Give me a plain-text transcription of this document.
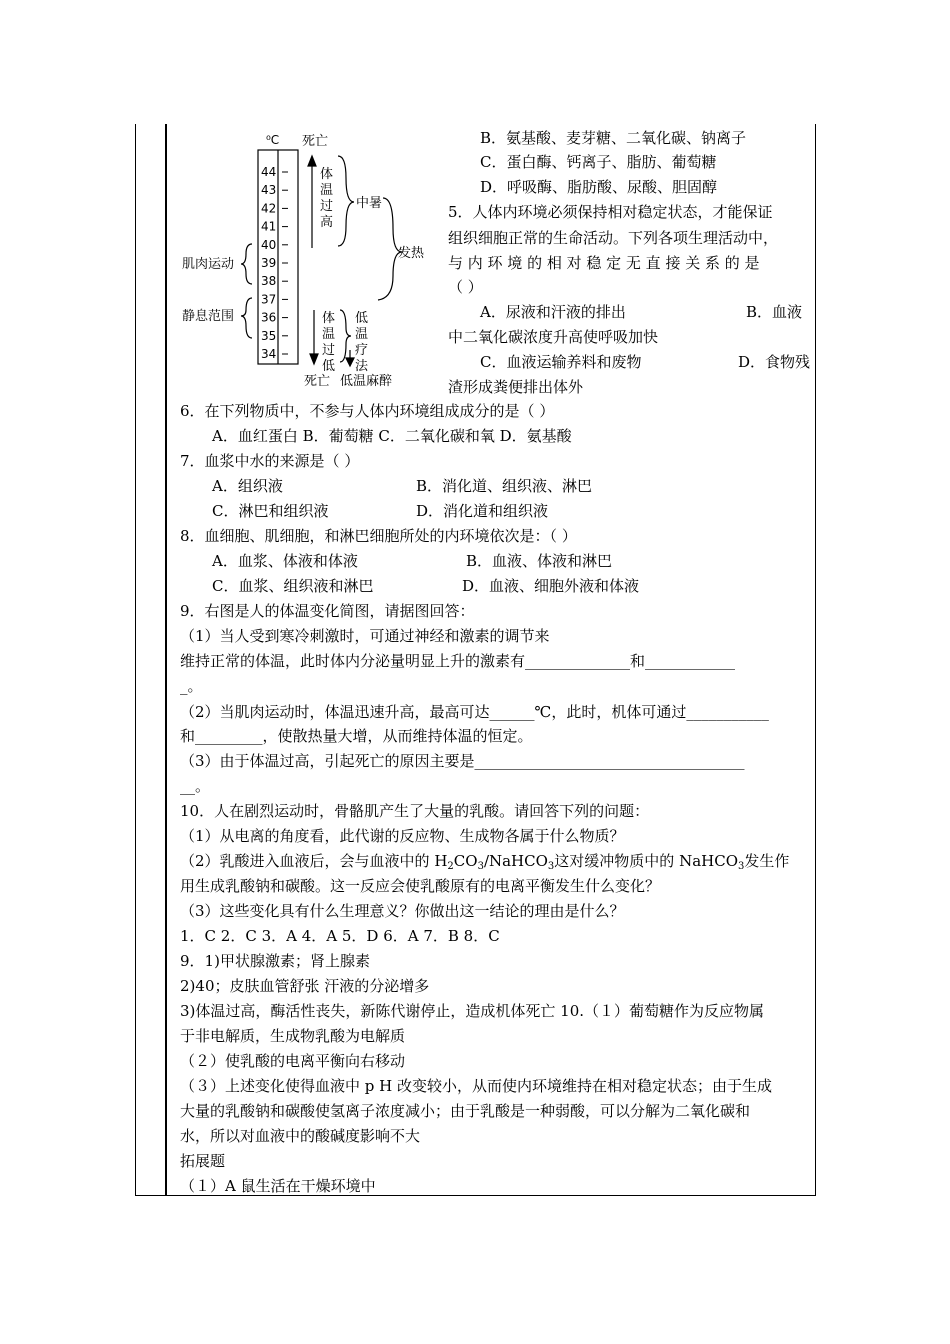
44
43
42
41
40
39
38
37
36
35
34
⁰C 死亡
体
温
过
高
中暑
发热
肌肉运动
静息范围	体
温
过
低
低
温
疗
法
死亡 低温麻醉
B．氨基酸、麦芽糖、二氧化碳、钠离子
C．蛋白酶、钙离子、脂肪、葡萄糖
D．呼吸酶、脂肪酸、尿酸、胆固醇
5．人体内环境必须保持相对稳定状态，才能保证
组织细胞正常的生命活动。下列各项生理活动中，
与 内 环 境 的 相 对 稳 定 无 直 接 关 系 的 是
（ ）
A．尿液和汗液的排出	B．血液
中二氧化碳浓度升高使呼吸加快
C．血液运输养料和废物	D．食物残
渣形成粪便排出体外
6．在下列物质中，不参与人体内环境组成成分的是（ ）
A．血红蛋白 B．葡萄糖 C．二氧化碳和氧 D．氨基酸
7．血浆中水的来源是（ ）
A．组织液	B．消化道、组织液、淋巴
C．淋巴和组织液	D．消化道和组织液
8．血细胞、肌细胞，和淋巴细胞所处的内环境依次是：（ ）
A．血浆、体液和体液	B．血液、体液和淋巴
C．血浆、组织液和淋巴	D．血液、细胞外液和体液
9．右图是人的体温变化简图，请据图回答：
（1）当人受到寒冷刺激时，可通过神经和激素的调节来
维持正常的体温，此时体内分泌量明显上升的激素有______________和____________
_。
（2）当肌肉运动时，体温迅速升高，最高可达______℃，此时，机体可通过___________
和_________，使散热量大增，从而维持体温的恒定。
（3）由于体温过高，引起死亡的原因主要是____________________________________
__。
10．人在剧烈运动时，骨骼肌产生了大量的乳酸。请回答下列的问题：
（1）从电离的角度看，此代谢的反应物、生成物各属于什么物质？
（2）乳酸进入血液后，会与血液中的 $H_2CO_3/NaHCO_3$这对缓冲物质中的 NaHCO$_3$发生作
用生成乳酸钠和碳酸。这一反应会使乳酸原有的电离平衡发生什么变化？
（3）这些变化具有什么生理意义？你做出这一结论的理由是什么？
1．C 2．C 3．A 4．A 5．D 6．A 7．B 8．C
9．1)甲状腺激素；肾上腺素
2)40；皮肤血管舒张 汗液的分泌增多
3)体温过高，酶活性丧失，新陈代谢停止，造成机体死亡 10.（１）葡萄糖作为反应物属
于非电解质，生成物乳酸为电解质
（２）使乳酸的电离平衡向右移动
（３）上述变化使得血液中 p H 改变较小，从而使内环境维持在相对稳定状态；由于生成
大量的乳酸钠和碳酸使氢离子浓度减小；由于乳酸是一种弱酸，可以分解为二氧化碳和
水，所以对血液中的酸碱度影响不大
拓展题
（１）A 鼠生活在干燥环境中
